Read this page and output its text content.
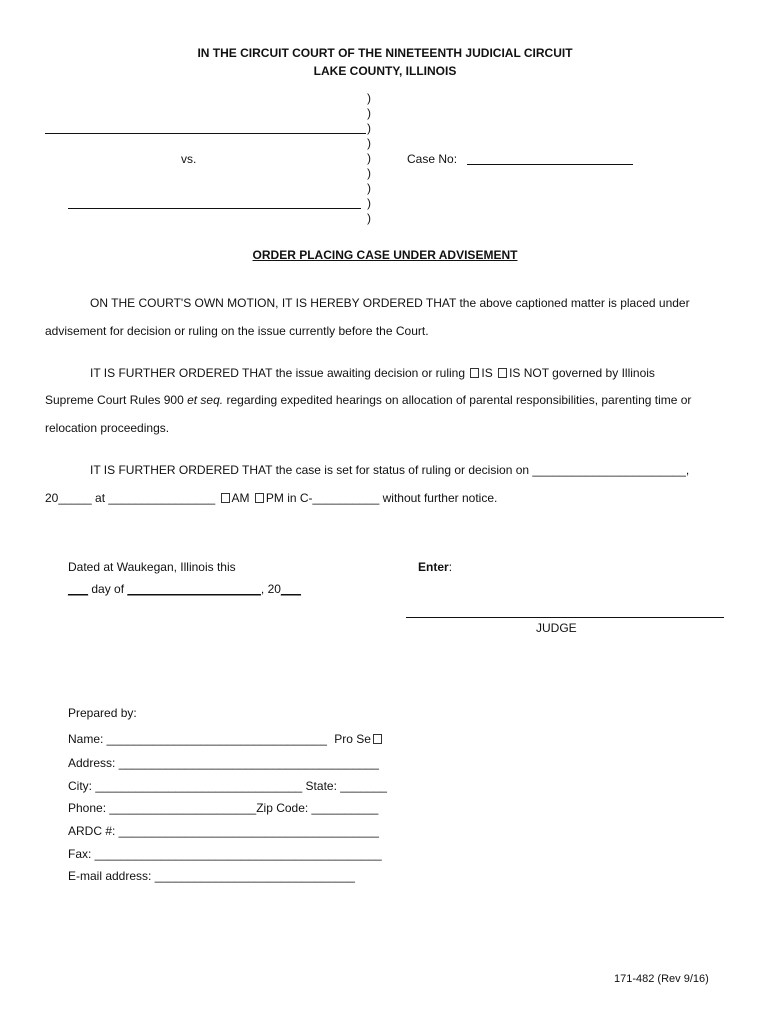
IN THE CIRCUIT COURT OF THE NINETEENTH JUDICIAL CIRCUIT
LAKE COUNTY, ILLINOIS
)
)
)
)
)
)
)
)
)
vs.	Case No:
ORDER PLACING CASE UNDER ADVISEMENT
ON THE COURT'S OWN MOTION, IT IS HEREBY ORDERED THAT the above captioned matter is placed under
advisement for decision or ruling on the issue currently before the Court.
IT IS FURTHER ORDERED THAT the issue awaiting decision or ruling IS IS NOT governed by Illinois
Supreme Court Rules 900 et seq. regarding expedited hearings on allocation of parental responsibilities, parenting time or
relocation proceedings.
IT IS FURTHER ORDERED THAT the case is set for status of ruling or decision on _______________________,
20_____ at ________________ AM PM in C-__________ without further notice.
Dated at Waukegan, Illinois this
___ day of ____________________, 20___
Enter:
JUDGE
Prepared by:
Name: _________________________________ Pro Se
Address: _______________________________________
City: _______________________________ State: _______
Phone: ______________________Zip Code: __________
ARDC #: _______________________________________
Fax: ___________________________________________
E-mail address: ______________________________
171-482 (Rev 9/16)
